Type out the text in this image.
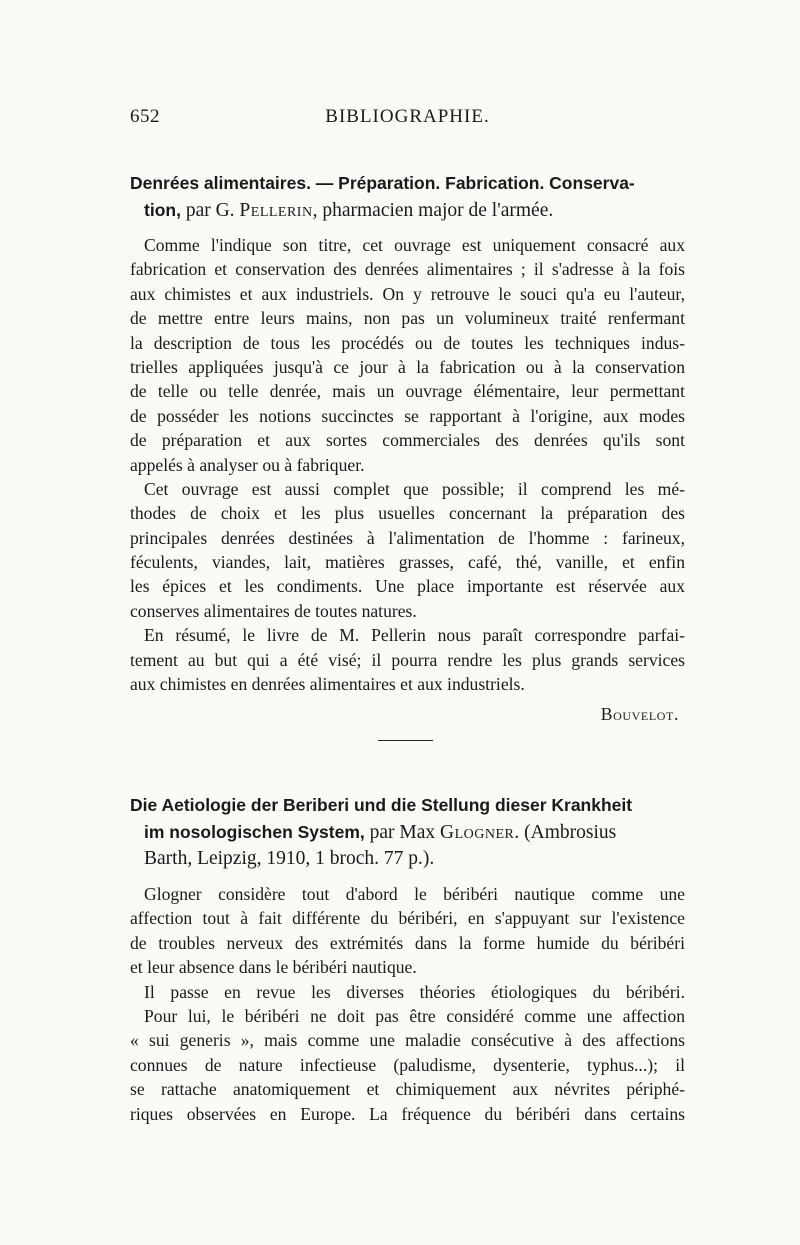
652	BIBLIOGRAPHIE.
Denrées alimentaires. — Préparation. Fabrication. Conserva-
tion, par G. Pellerin, pharmacien major de l'armée.
Comme l'indique son titre, cet ouvrage est uniquement consacré aux
fabrication et conservation des denrées alimentaires ; il s'adresse à la fois
aux chimistes et aux industriels. On y retrouve le souci qu'a eu l'auteur,
de mettre entre leurs mains, non pas un volumineux traité renfermant
la description de tous les procédés ou de toutes les techniques indus-
trielles appliquées jusqu'à ce jour à la fabrication ou à la conservation
de telle ou telle denrée, mais un ouvrage élémentaire, leur permettant
de posséder les notions succinctes se rapportant à l'origine, aux modes
de préparation et aux sortes commerciales des denrées qu'ils sont
appelés à analyser ou à fabriquer.
Cet ouvrage est aussi complet que possible; il comprend les mé-
thodes de choix et les plus usuelles concernant la préparation des
principales denrées destinées à l'alimentation de l'homme : farineux,
féculents, viandes, lait, matières grasses, café, thé, vanille, et enfin
les épices et les condiments. Une place importante est réservée aux
conserves alimentaires de toutes natures.
En résumé, le livre de M. Pellerin nous paraît correspondre parfai-
tement au but qui a été visé; il pourra rendre les plus grands services
aux chimistes en denrées alimentaires et aux industriels.
Bouvelot.
Die Aetiologie der Beriberi und die Stellung dieser Krankheit
im nosologischen System, par Max Glogner. (Ambrosius
Barth, Leipzig, 1910, 1 broch. 77 p.).
Glogner considère tout d'abord le béribéri nautique comme une
affection tout à fait différente du béribéri, en s'appuyant sur l'existence
de troubles nerveux des extrémités dans la forme humide du béribéri
et leur absence dans le béribéri nautique.
Il passe en revue les diverses théories étiologiques du béribéri.
Pour lui, le béribéri ne doit pas être considéré comme une affection
« sui generis », mais comme une maladie consécutive à des affections
connues de nature infectieuse (paludisme, dysenterie, typhus...); il
se rattache anatomiquement et chimiquement aux névrites périphé-
riques observées en Europe. La fréquence du béribéri dans certains
